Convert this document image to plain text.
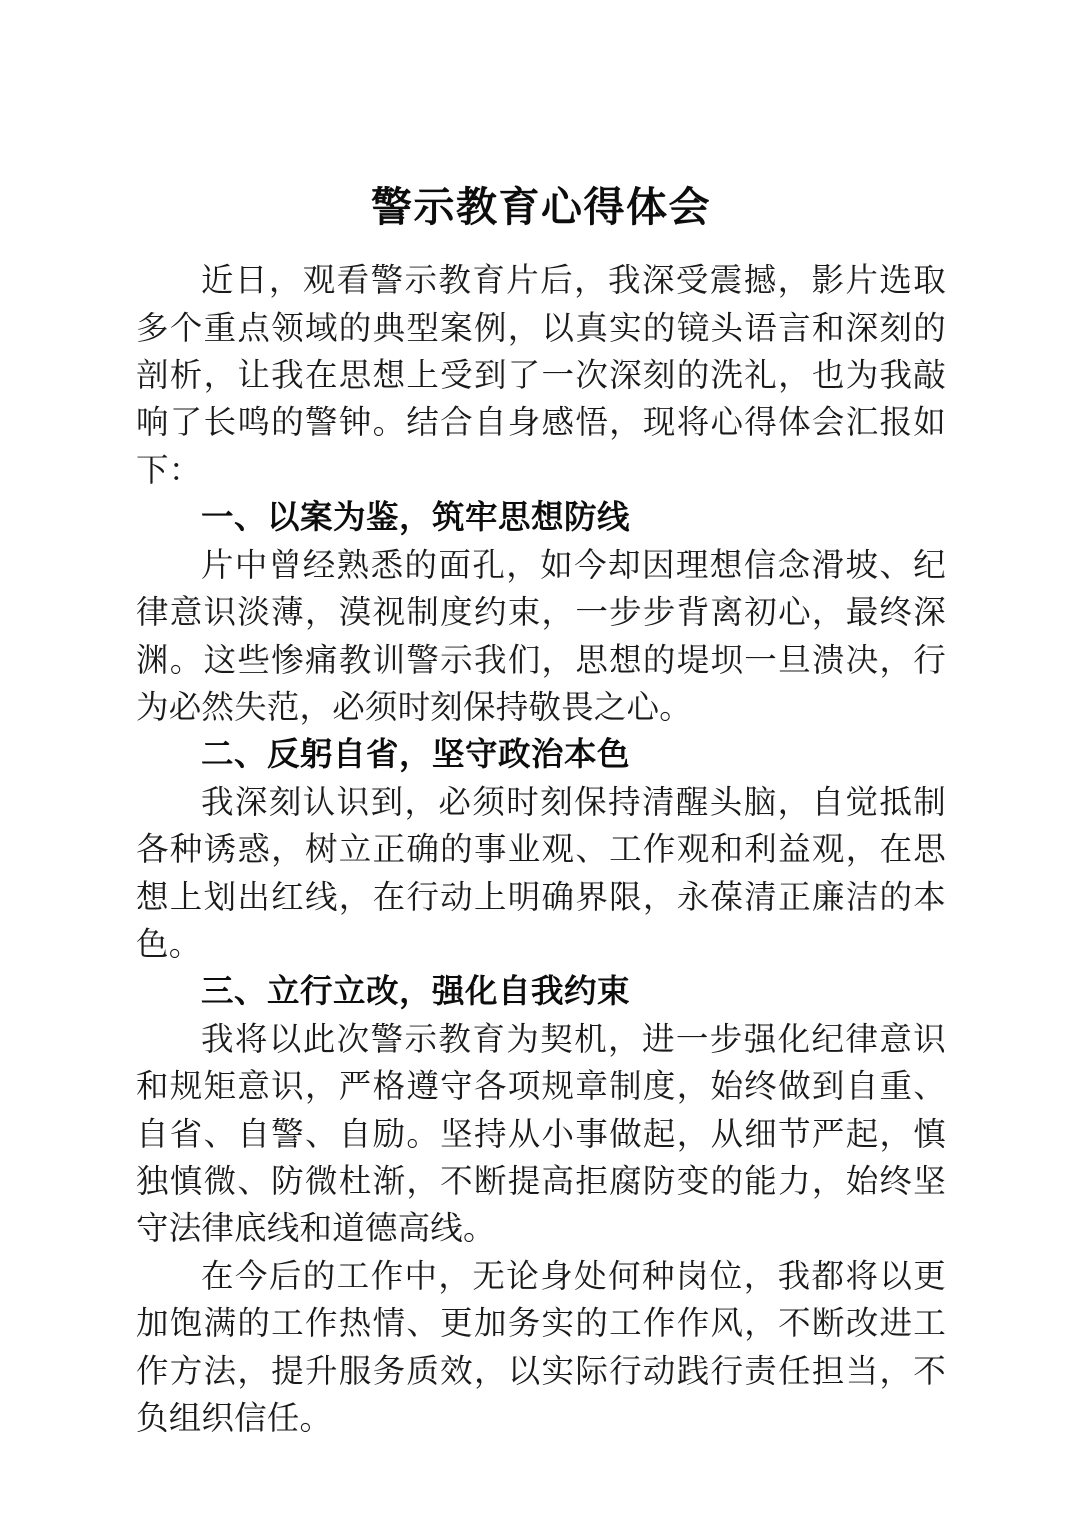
警示教育心得体会

近日，观看警示教育片后，我深受震撼，影片选取多个重点领域的典型案例，以真实的镜头语言和深刻的剖析，让我在思想上受到了一次深刻的洗礼，也为我敲响了长鸣的警钟。结合自身感悟，现将心得体会汇报如下：

一、以案为鉴，筑牢思想防线

片中曾经熟悉的面孔，如今却因理想信念滑坡、纪律意识淡薄，漠视制度约束，一步步背离初心，最终深渊。这些惨痛教训警示我们，思想的堤坝一旦溃决，行为必然失范，必须时刻保持敬畏之心。

二、反躬自省，坚守政治本色

我深刻认识到，必须时刻保持清醒头脑，自觉抵制各种诱惑，树立正确的事业观、工作观和利益观，在思想上划出红线，在行动上明确界限，永葆清正廉洁的本色。

三、立行立改，强化自我约束

我将以此次警示教育为契机，进一步强化纪律意识和规矩意识，严格遵守各项规章制度，始终做到自重、自省、自警、自励。坚持从小事做起，从细节严起，慎独慎微、防微杜渐，不断提高拒腐防变的能力，始终坚守法律底线和道德高线。

在今后的工作中，无论身处何种岗位，我都将以更加饱满的工作热情、更加务实的工作作风，不断改进工作方法，提升服务质效，以实际行动践行责任担当，不负组织信任。
